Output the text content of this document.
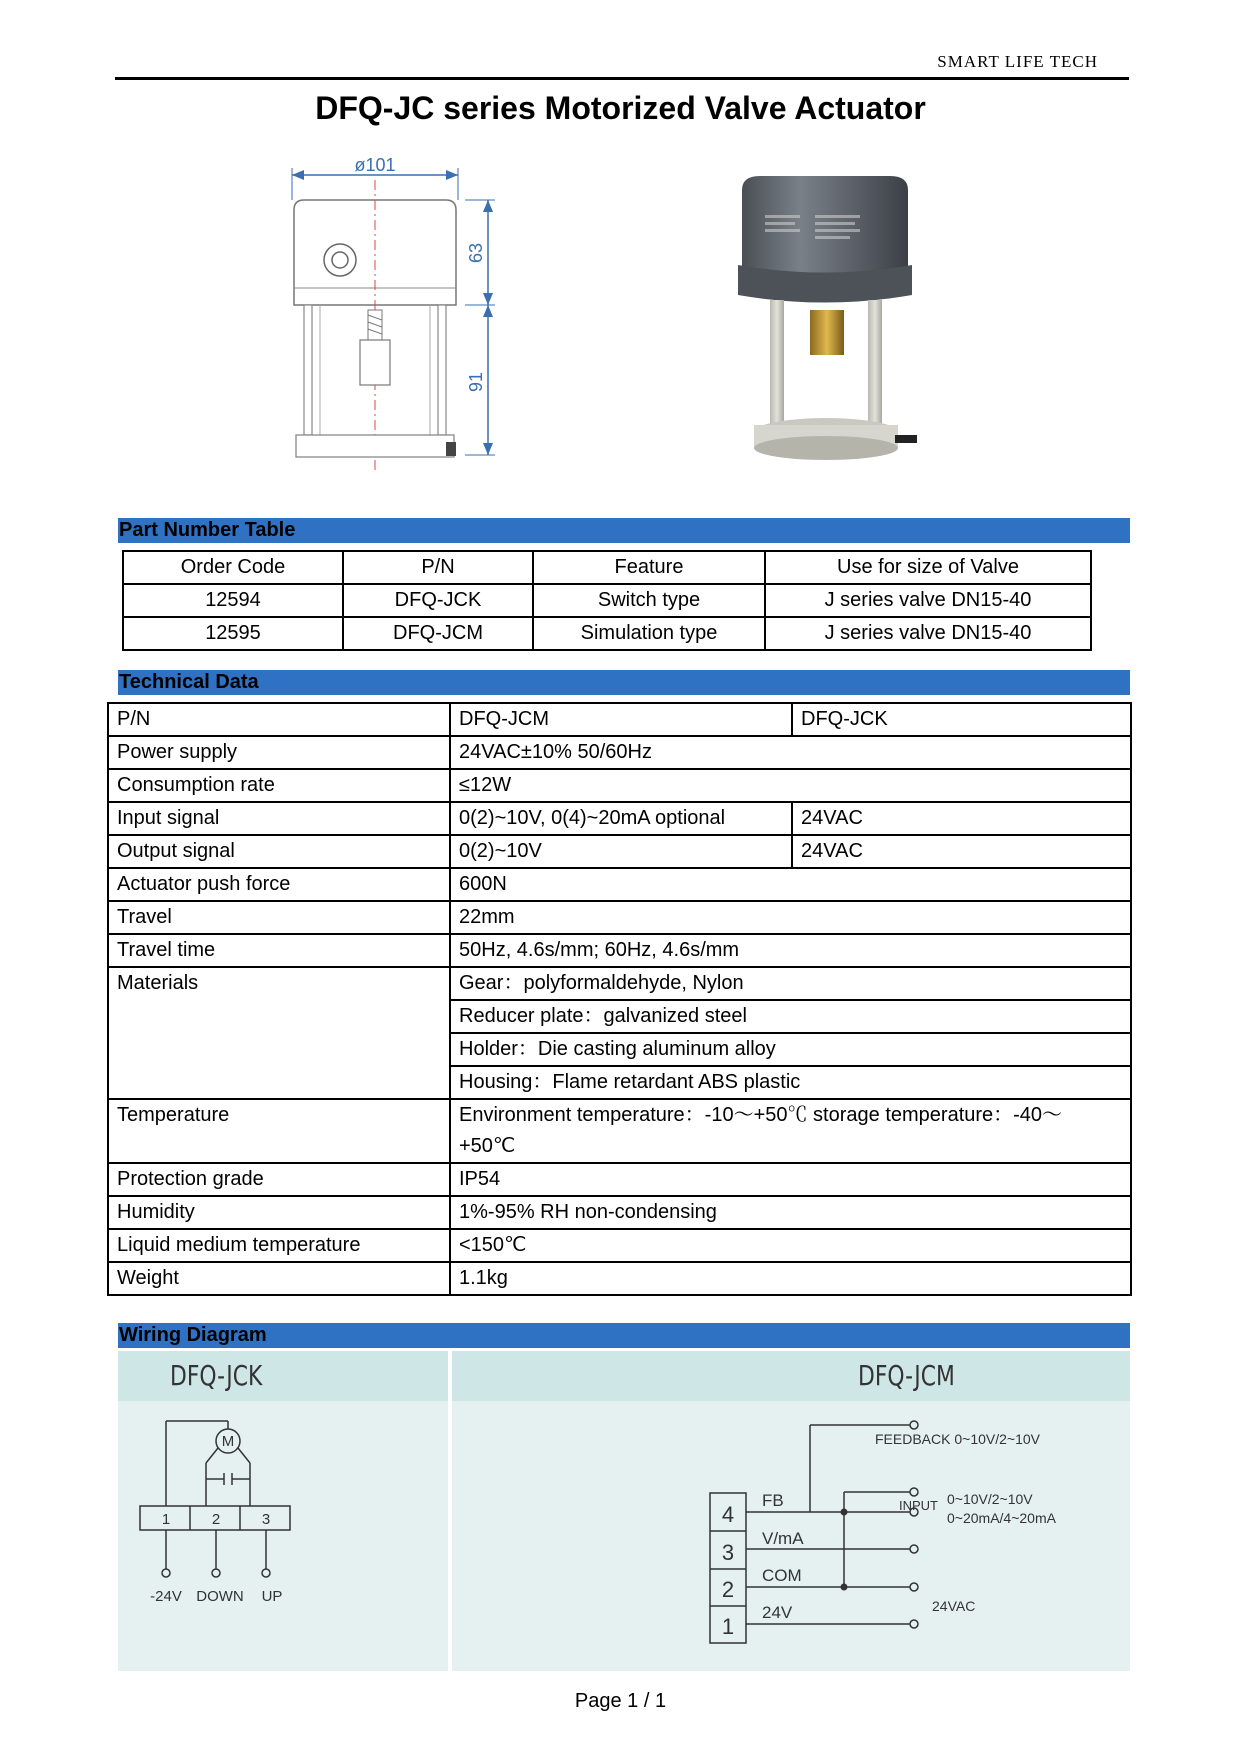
SMART LIFE TECH
DFQ-JC series Motorized Valve Actuator
ø101
63
91
Part Number Table
Order Code	P/N	Feature	Use for size of Valve
12594	DFQ-JCK	Switch type	J series valve DN15-40
12595	DFQ-JCM	Simulation type	J series valve DN15-40
Technical Data
P/N	DFQ-JCM	DFQ-JCK
Power supply	24VAC±10% 50/60Hz	
Consumption rate	≤12W	
Input signal	0(2)~10V, 0(4)~20mA optional	24VAC
Output signal	0(2)~10V	24VAC
Actuator push force	600N	
Travel	22mm	
Travel time	50Hz, 4.6s/mm; 60Hz, 4.6s/mm	
Materials	Gear：polyformaldehyde, Nylon	
	Reducer plate：galvanized steel	
	Holder：Die casting aluminum alloy	
	Housing：Flame retardant ABS plastic	
Temperature	Environment temperature：-10～+50℃ storage temperature：-40～
+50℃	

Protection grade	IP54	
Humidity	1%-95% RH non-condensing	
Liquid medium temperature	<150℃	
Weight	1.1kg	
Wiring Diagram
DFQ-JCK	DFQ-JCM
M
1	2	3
-24V DOWN UP
4
3
2
1
FB
V/mA
COM
24V
FEEDBACK 0~10V/2~10V
INPUT 0~10V/2~10V
0~20mA/4~20mA
24VAC
Page 1 / 1
